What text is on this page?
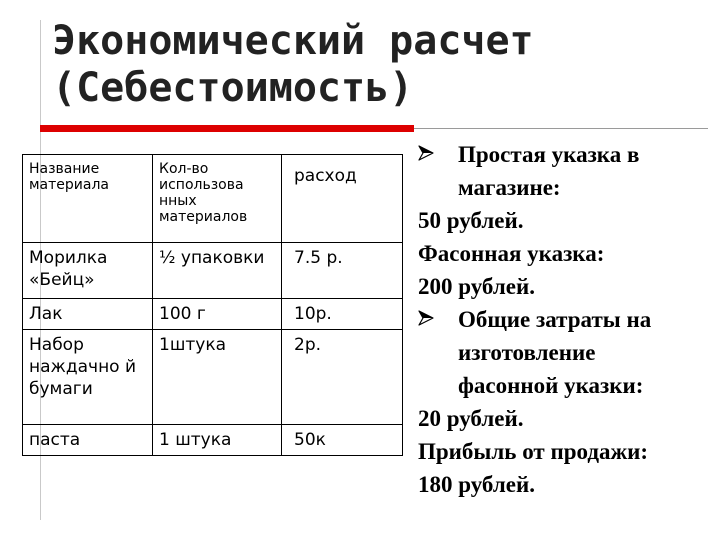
Экономический расчет
(Себестоимость)
Название материала	Кол-во использова нных материалов	расход
Морилка «Бейц»	½ упаковки	7.5 р.
Лак	100 г	10р.
Набор наждачно й бумаги	1штука	2р.
паста	1 штука	50к
Простая указка в
магазине:
50 рублей.
Фасонная указка:
200 рублей.
Общие затраты на
изготовление
фасонной указки:
20 рублей.
Прибыль от продажи:
180 рублей.
